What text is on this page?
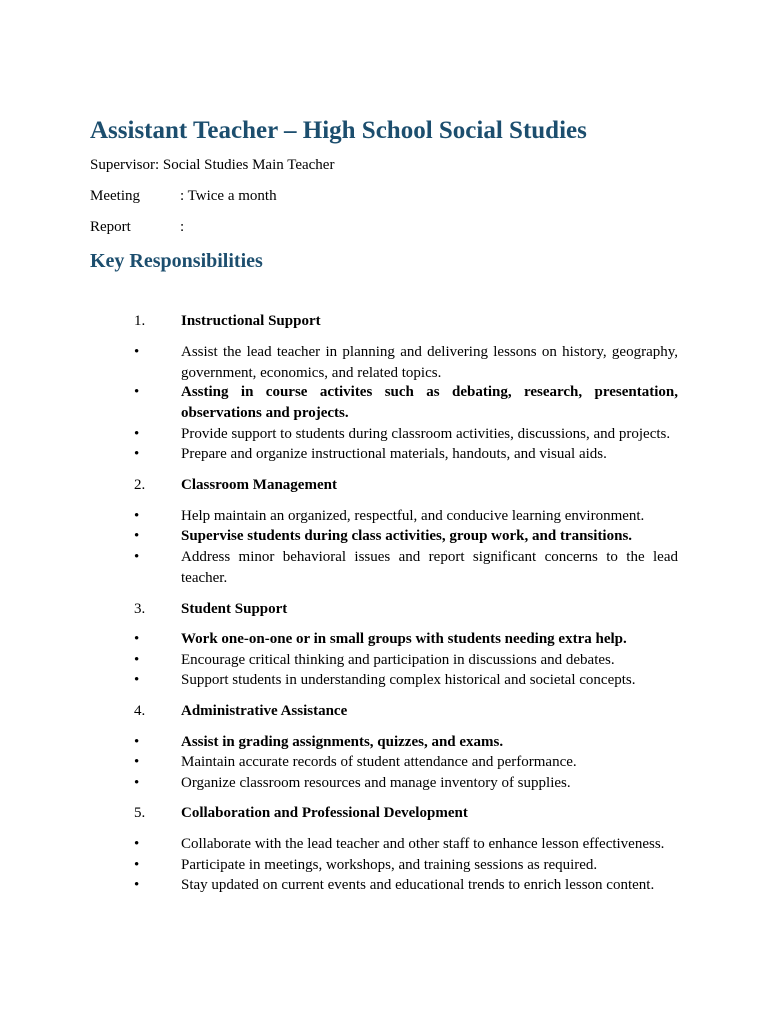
Assistant Teacher – High School Social Studies
Supervisor: Social Studies Main Teacher
Meeting	: Twice a month
Report	:
Key Responsibilities
1. Instructional Support
•	Assist the lead teacher in planning and delivering lessons on history, geography, government, economics, and related topics.
•	Assting in course activites such as debating, research, presentation, observations and projects.
•	Provide support to students during classroom activities, discussions, and projects.
•	Prepare and organize instructional materials, handouts, and visual aids.
2. Classroom Management
•	Help maintain an organized, respectful, and conducive learning environment.
•	Supervise students during class activities, group work, and transitions.
•	Address minor behavioral issues and report significant concerns to the lead teacher.
3. Student Support
•	Work one-on-one or in small groups with students needing extra help.
•	Encourage critical thinking and participation in discussions and debates.
•	Support students in understanding complex historical and societal concepts.
4. Administrative Assistance
•	Assist in grading assignments, quizzes, and exams.
•	Maintain accurate records of student attendance and performance.
•	Organize classroom resources and manage inventory of supplies.
5. Collaboration and Professional Development
•	Collaborate with the lead teacher and other staff to enhance lesson effectiveness.
•	Participate in meetings, workshops, and training sessions as required.
•	Stay updated on current events and educational trends to enrich lesson content.
